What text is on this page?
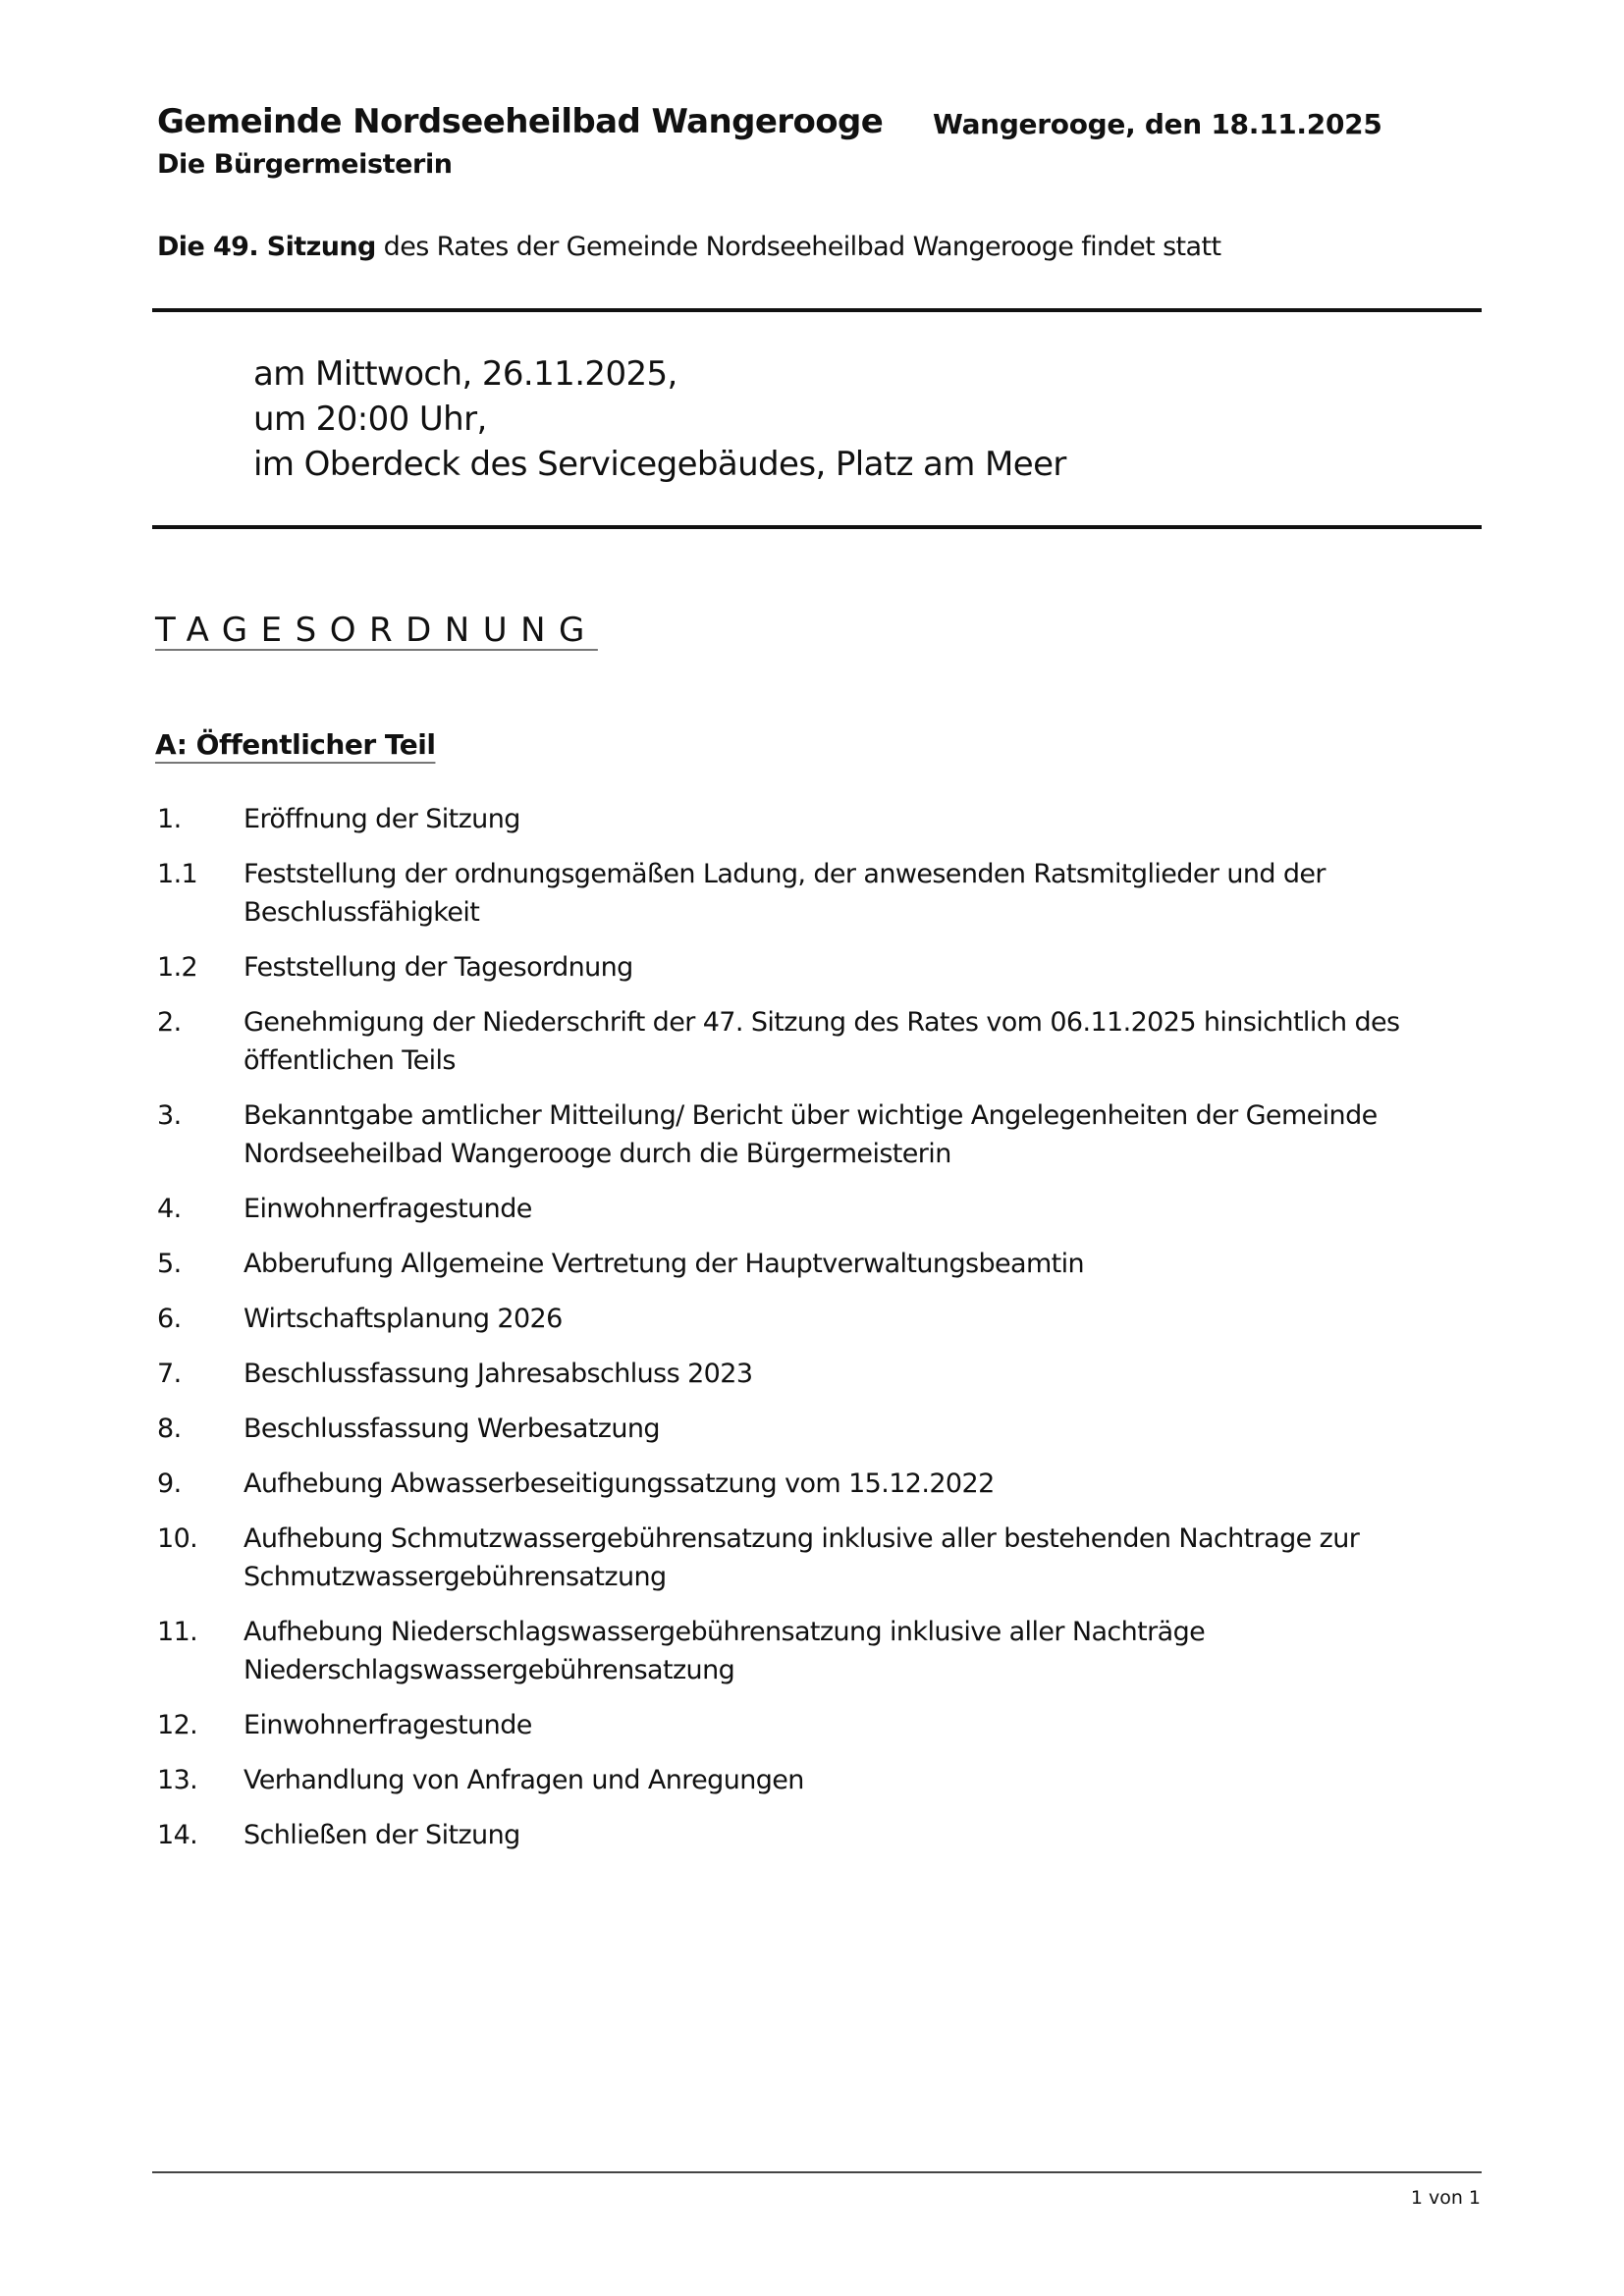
Gemeinde Nordseeheilbad Wangerooge
Die Bürgermeisterin
Wangerooge, den 18.11.2025
Die 49. Sitzung des Rates der Gemeinde Nordseeheilbad Wangerooge findet statt
am Mittwoch, 26.11.2025,
um 20:00 Uhr,
im Oberdeck des Servicegebäudes, Platz am Meer
TAGESORDNUNG
A: Öffentlicher Teil
1.	Eröffnung der Sitzung
1.1	Feststellung der ordnungsgemäßen Ladung, der anwesenden Ratsmitglieder und der Beschlussfähigkeit
1.2	Feststellung der Tagesordnung
2.	Genehmigung der Niederschrift der 47. Sitzung des Rates vom 06.11.2025 hinsichtlich des öffentlichen Teils
3.	Bekanntgabe amtlicher Mitteilung/ Bericht über wichtige Angelegenheiten der Gemeinde Nordseeheilbad Wangerooge durch die Bürgermeisterin
4.	Einwohnerfragestunde
5.	Abberufung Allgemeine Vertretung der Hauptverwaltungsbeamtin
6.	Wirtschaftsplanung 2026
7.	Beschlussfassung Jahresabschluss 2023
8.	Beschlussfassung Werbesatzung
9.	Aufhebung Abwasserbeseitigungssatzung vom 15.12.2022
10.	Aufhebung Schmutzwassergebührensatzung inklusive aller bestehenden Nachtrage zur Schmutzwassergebührensatzung
11.	Aufhebung Niederschlagswassergebührensatzung inklusive aller Nachträge Niederschlagswassergebührensatzung
12.	Einwohnerfragestunde
13.	Verhandlung von Anfragen und Anregungen
14.	Schließen der Sitzung
1 von 1
